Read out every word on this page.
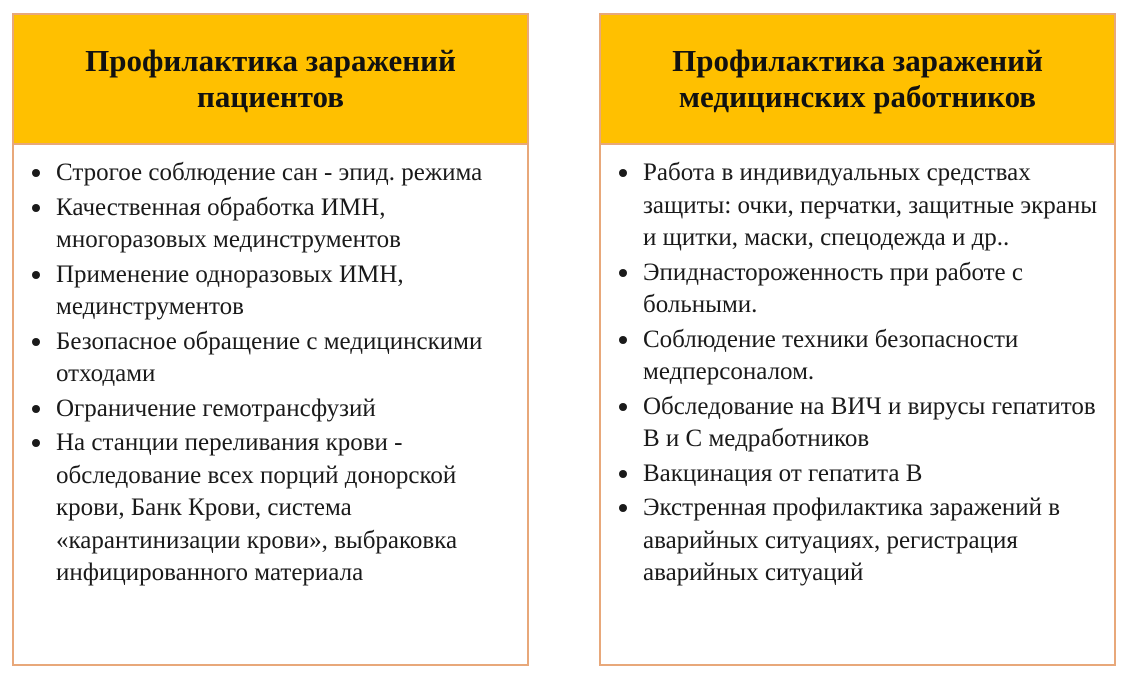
Профилактика заражений
пациентов
Строгое соблюдение сан - эпид. режима
Качественная обработка ИМН, многоразовых мединструментов
Применение одноразовых ИМН, мединструментов
Безопасное обращение с медицинскими отходами
Ограничение гемотрансфузий
На станции переливания крови - обследование всех порций донорской крови, Банк Крови, система «карантинизации крови», выбраковка инфицированного материала
Профилактика заражений
медицинских работников
Работа в индивидуальных средствах защиты: очки, перчатки, защитные экраны и щитки, маски, спецодежда и др..
Эпиднастороженность при работе с больными.
Соблюдение техники безопасности медперсоналом.
Обследование на ВИЧ и вирусы гепатитов В и С медработников
Вакцинация от гепатита В
Экстренная профилактика заражений в аварийных ситуациях, регистрация аварийных ситуаций
